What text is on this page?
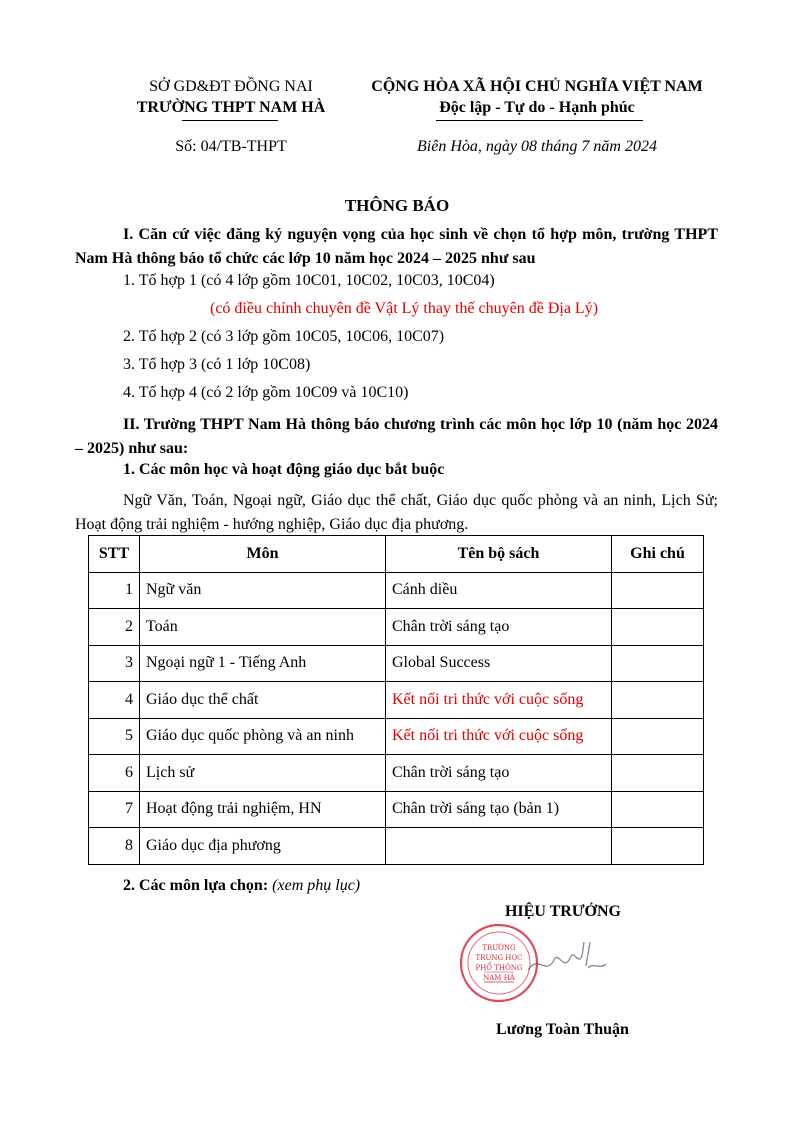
SỞ GD&ĐT ĐỒNG NAI
TRƯỜNG THPT NAM HÀ
Số: 04/TB-THPT
CỘNG HÒA XÃ HỘI CHỦ NGHĨA VIỆT NAM
Độc lập - Tự do - Hạnh phúc
Biên Hòa, ngày 08 tháng 7 năm 2024
THÔNG BÁO
I. Căn cứ việc đăng ký nguyện vọng của học sinh về chọn tổ hợp môn, trường THPT Nam Hà thông báo tổ chức các lớp 10 năm học 2024 – 2025 như sau
1. Tổ hợp 1 (có 4 lớp gồm 10C01, 10C02, 10C03, 10C04)
(có điều chỉnh chuyên đề Vật Lý thay thế chuyên đề Địa Lý)
2. Tổ hợp 2 (có 3 lớp gồm 10C05, 10C06, 10C07)
3. Tổ hợp 3 (có 1 lớp 10C08)
4. Tổ hợp 4 (có 2 lớp gồm 10C09 và 10C10)
II. Trường THPT Nam Hà thông báo chương trình các môn học lớp 10 (năm học 2024 – 2025) như sau:
1. Các môn học và hoạt động giáo dục bắt buộc
Ngữ Văn, Toán, Ngoại ngữ, Giáo dục thể chất, Giáo dục quốc phòng và an ninh, Lịch Sử; Hoạt động trải nghiệm - hướng nghiệp, Giáo dục địa phương.
STT	Môn	Tên bộ sách	Ghi chú
1	Ngữ văn	Cánh diều	
2	Toán	Chân trời sáng tạo	
3	Ngoại ngữ 1 - Tiếng Anh	Global Success	
4	Giáo dục thể chất	Kết nối tri thức với cuộc sống	
5	Giáo dục quốc phòng và an ninh	Kết nối tri thức với cuộc sống	
6	Lịch sử	Chân trời sáng tạo	
7	Hoạt động trải nghiệm, HN	Chân trời sáng tạo (bản 1)	
8	Giáo dục địa phương		
2. Các môn lựa chọn: (xem phụ lục)
HIỆU TRƯỞNG
TRƯỜNG
TRUNG HỌC
PHỔ THÔNG
NAM HÀ
Lương Toàn Thuận
